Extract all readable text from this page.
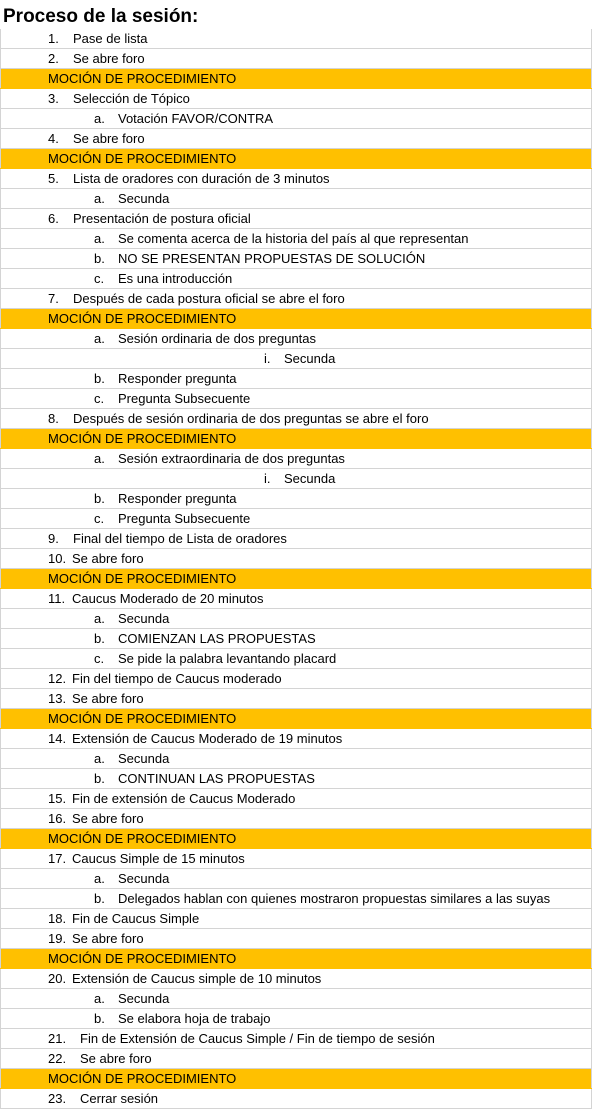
Proceso de la sesión:
1. Pase de lista
2. Se abre foro
MOCIÓN DE PROCEDIMIENTO
3. Selección de Tópico
a. Votación FAVOR/CONTRA
4. Se abre foro
MOCIÓN DE PROCEDIMIENTO
5. Lista de oradores con duración de 3 minutos
a. Secunda
6. Presentación de postura oficial
a. Se comenta acerca de la historia del país al que representan
b. NO SE PRESENTAN PROPUESTAS DE SOLUCIÓN
c. Es una introducción
7. Después de cada postura oficial se abre el foro
MOCIÓN DE PROCEDIMIENTO
a. Sesión ordinaria de dos preguntas
i. Secunda
b. Responder pregunta
c. Pregunta Subsecuente
8. Después de sesión ordinaria de dos preguntas se abre el foro
MOCIÓN DE PROCEDIMIENTO
a. Sesión extraordinaria de dos preguntas
i. Secunda
b. Responder pregunta
c. Pregunta Subsecuente
9. Final del tiempo de Lista de oradores
10. Se abre foro
MOCIÓN DE PROCEDIMIENTO
11. Caucus Moderado de 20 minutos
a. Secunda
b. COMIENZAN LAS PROPUESTAS
c. Se pide la palabra levantando placard
12. Fin del tiempo de Caucus moderado
13. Se abre foro
MOCIÓN DE PROCEDIMIENTO
14. Extensión de Caucus Moderado de 19 minutos
a. Secunda
b. CONTINUAN LAS PROPUESTAS
15. Fin de extensión de Caucus Moderado
16. Se abre foro
MOCIÓN DE PROCEDIMIENTO
17. Caucus Simple de 15 minutos
a. Secunda
b. Delegados hablan con quienes mostraron propuestas similares a las suyas
18. Fin de Caucus Simple
19. Se abre foro
MOCIÓN DE PROCEDIMIENTO
20. Extensión de Caucus simple de 10 minutos
a. Secunda
b. Se elabora hoja de trabajo
21. Fin de Extensión de Caucus Simple / Fin de tiempo de sesión
22. Se abre foro
MOCIÓN DE PROCEDIMIENTO
23. Cerrar sesión
